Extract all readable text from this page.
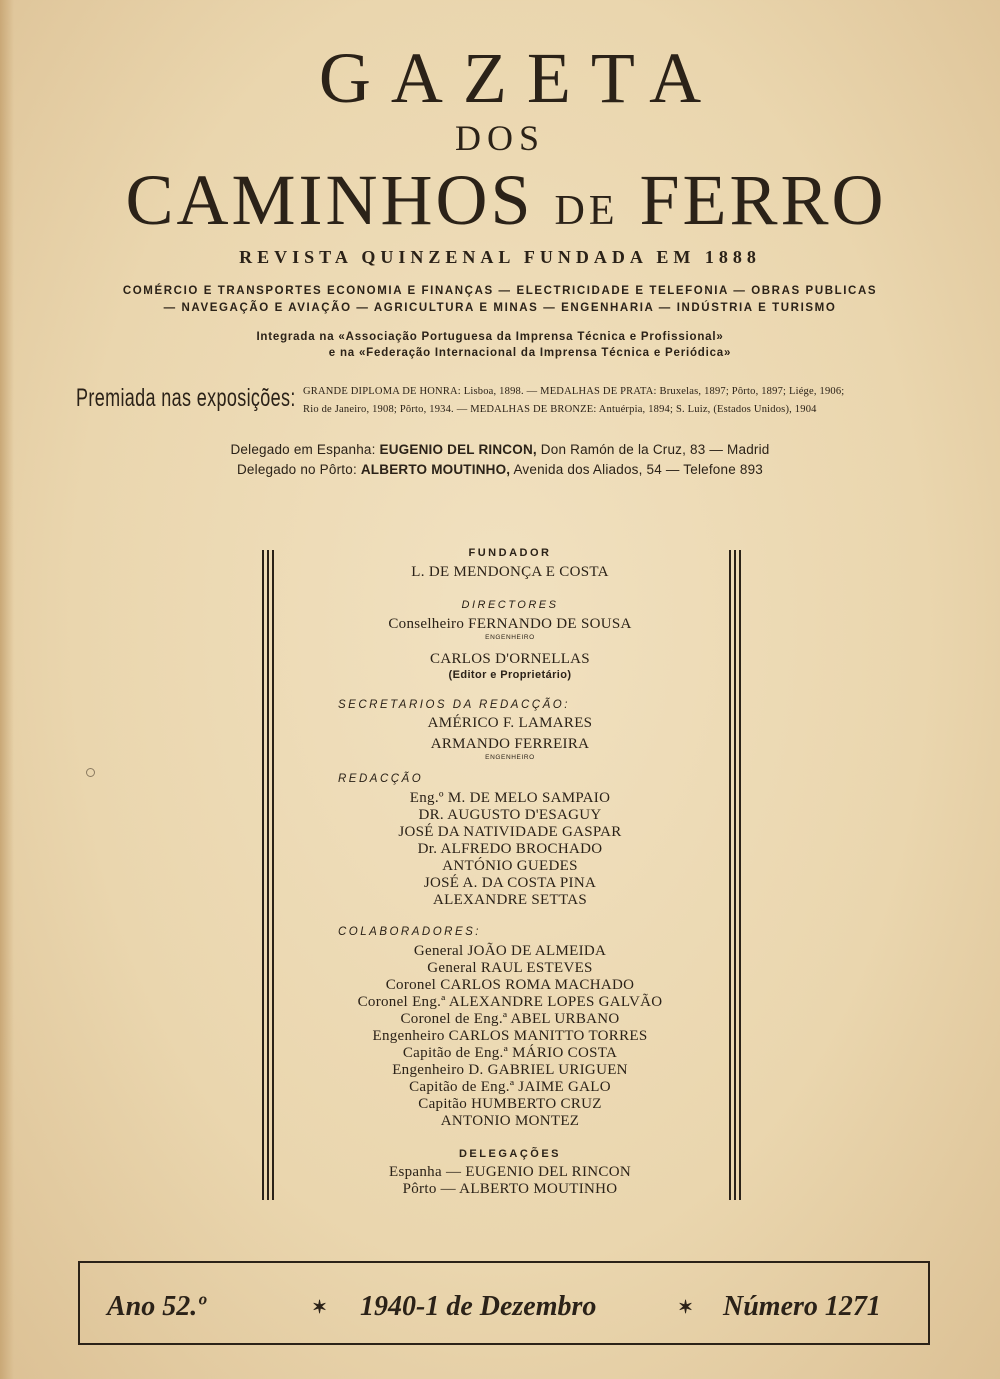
GAZETA
DOS
CAMINHOS DE FERRO
REVISTA QUINZENAL FUNDADA EM 1888
COMÉRCIO E TRANSPORTES ECONOMIA E FINANÇAS — ELECTRICIDADE E TELEFONIA — OBRAS PUBLICAS
— NAVEGAÇÃO E AVIAÇÃO — AGRICULTURA E MINAS — ENGENHARIA — INDÚSTRIA E TURISMO
Integrada na «Associação Portuguesa da Imprensa Técnica e Profissional»
e na «Federação Internacional da Imprensa Técnica e Periódica»
Premiada nas exposições: GRANDE DIPLOMA DE HONRA: Lisboa, 1898. — MEDALHAS DE PRATA: Bruxelas, 1897; Pôrto, 1897; Liége, 1906;
Rio de Janeiro, 1908; Pôrto, 1934. — MEDALHAS DE BRONZE: Antuérpia, 1894; S. Luiz, (Estados Unidos), 1904
Delegado em Espanha: EUGENIO DEL RINCON, Don Ramón de la Cruz, 83 — Madrid
Delegado no Pôrto: ALBERTO MOUTINHO, Avenida dos Aliados, 54 — Telefone 893
FUNDADOR
L. DE MENDONÇA E COSTA
DIRECTORES
Conselheiro FERNANDO DE SOUSA
ENGENHEIRO
CARLOS D'ORNELLAS
(Editor e Proprietário)
SECRETARIOS DA REDACÇÃO:
AMÉRICO F. LAMARES
ARMANDO FERREIRA
ENGENHEIRO
REDACÇÃO
Eng.º M. DE MELO SAMPAIO
DR. AUGUSTO D'ESAGUY
JOSÉ DA NATIVIDADE GASPAR
Dr. ALFREDO BROCHADO
ANTÓNIO GUEDES
JOSÉ A. DA COSTA PINA
ALEXANDRE SETTAS
COLABORADORES:
General JOÃO DE ALMEIDA
General RAUL ESTEVES
Coronel CARLOS ROMA MACHADO
Coronel Eng.ª ALEXANDRE LOPES GALVÃO
Coronel de Eng.ª ABEL URBANO
Engenheiro CARLOS MANITTO TORRES
Capitão de Eng.ª MÁRIO COSTA
Engenheiro D. GABRIEL URIGUEN
Capitão de Eng.ª JAIME GALO
Capitão HUMBERTO CRUZ
ANTONIO MONTEZ
DELEGAÇÕES
Espanha — EUGENIO DEL RINCON
Pôrto — ALBERTO MOUTINHO
Ano 52.º	✶ 1940-1 de Dezembro	✶ Número 1271
